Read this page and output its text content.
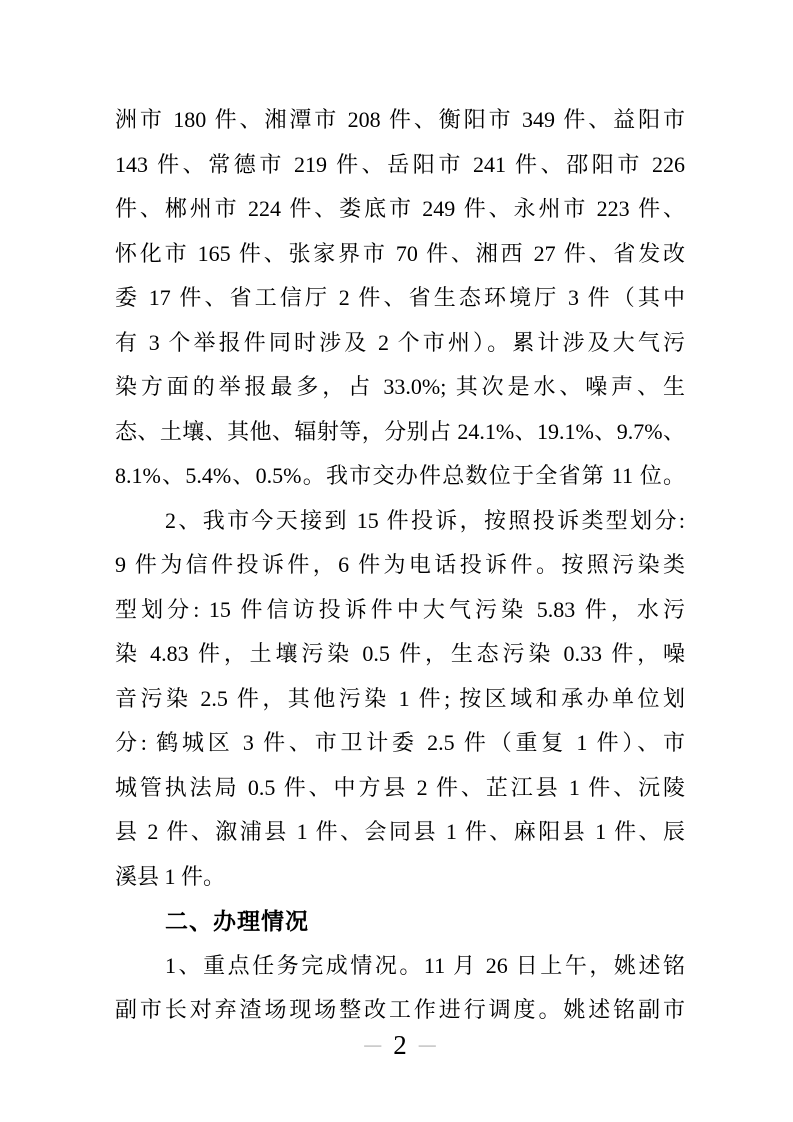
洲市 180 件、湘潭市 208 件、衡阳市 349 件、益阳市
143 件、常德市 219 件、岳阳市 241 件、邵阳市 226
件、郴州市 224 件、娄底市 249 件、永州市 223 件、
怀化市 165 件、张家界市 70 件、湘西 27 件、省发改
委 17 件、省工信厅 2 件、省生态环境厅 3 件（其中
有 3 个举报件同时涉及 2 个市州）。累计涉及大气污
染方面的举报最多，占 33.0%; 其次是水、噪声、生
态、土壤、其他、辐射等，分别占 24.1%、19.1%、9.7%、
8.1%、5.4%、0.5%。我市交办件总数位于全省第 11 位。
2、我市今天接到 15 件投诉，按照投诉类型划分:
9 件为信件投诉件，6 件为电话投诉件。按照污染类
型划分: 15 件信访投诉件中大气污染 5.83 件，水污
染 4.83 件，土壤污染 0.5 件，生态污染 0.33 件，噪
音污染 2.5 件，其他污染 1 件; 按区域和承办单位划
分: 鹤城区 3 件、市卫计委 2.5 件（重复 1 件）、市
城管执法局 0.5 件、中方县 2 件、芷江县 1 件、沅陵
县 2 件、溆浦县 1 件、会同县 1 件、麻阳县 1 件、辰
溪县 1 件。
二、办理情况
1、重点任务完成情况。11 月 26 日上午，姚述铭
副市长对弃渣场现场整改工作进行调度。姚述铭副市
— 2 —
